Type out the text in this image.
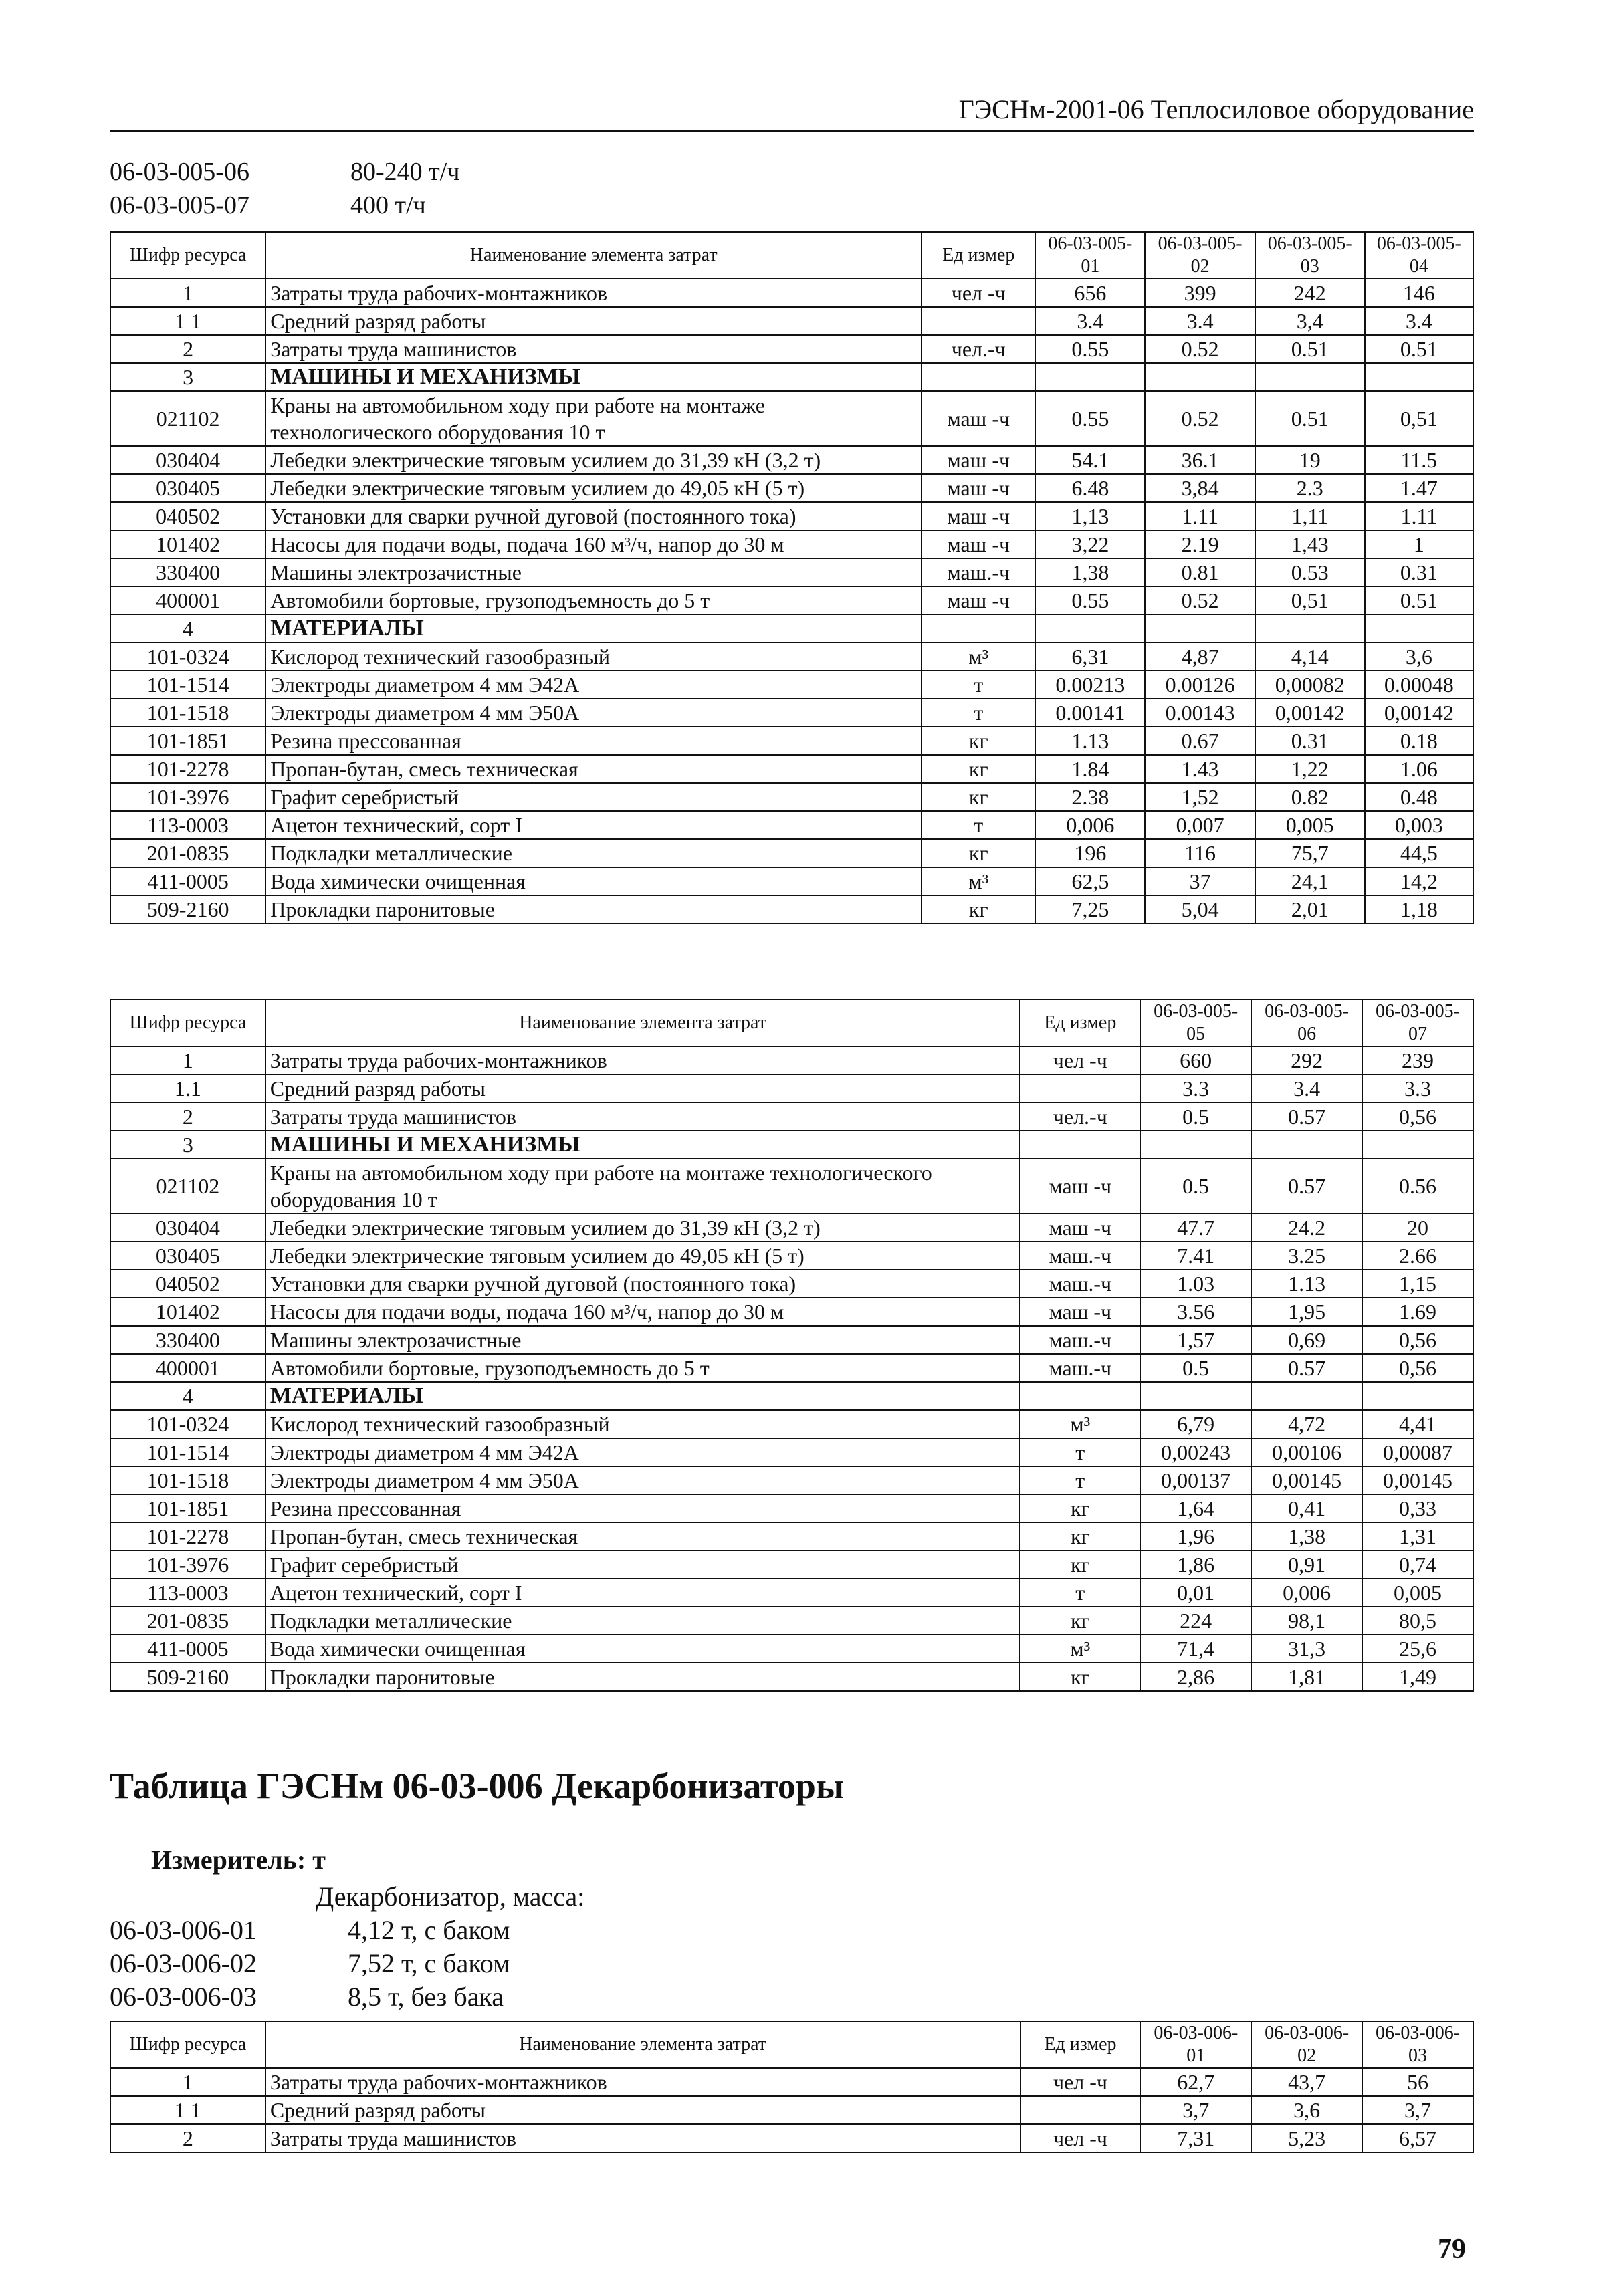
ГЭСНм-2001-06 Теплосиловое оборудование
06-03-005-06	80-240 т/ч
06-03-005-07	400 т/ч
Шифр ресурса	Наименование элемента затрат	Ед измер	06-03-005-01	06-03-005-02	06-03-005-03	06-03-005-04
1	Затраты труда рабочих-монтажников	чел -ч	656	399	242	146
1 1	Средний разряд работы		3.4	3.4	3,4	3.4
2	Затраты труда машинистов	чел.-ч	0.55	0.52	0.51	0.51
3	МАШИНЫ И МЕХАНИЗМЫ					
021102	Краны на автомобильном ходу при работе на монтаже технологического оборудования 10 т	маш -ч	0.55	0.52	0.51	0,51
030404	Лебедки электрические тяговым усилием до 31,39 кН (3,2 т)	маш -ч	54.1	36.1	19	11.5
030405	Лебедки электрические тяговым усилием до 49,05 кН (5 т)	маш -ч	6.48	3,84	2.3	1.47
040502	Установки для сварки ручной дуговой (постоянного тока)	маш -ч	1,13	1.11	1,11	1.11
101402	Насосы для подачи воды, подача 160 м³/ч, напор до 30 м	маш -ч	3,22	2.19	1,43	1
330400	Машины электрозачистные	маш.-ч	1,38	0.81	0.53	0.31
400001	Автомобили бортовые, грузоподъемность до 5 т	маш -ч	0.55	0.52	0,51	0.51
4	МАТЕРИАЛЫ					
101-0324	Кислород технический газообразный	м³	6,31	4,87	4,14	3,6
101-1514	Электроды диаметром 4 мм Э42А	т	0.00213	0.00126	0,00082	0.00048
101-1518	Электроды диаметром 4 мм Э50А	т	0.00141	0.00143	0,00142	0,00142
101-1851	Резина прессованная	кг	1.13	0.67	0.31	0.18
101-2278	Пропан-бутан, смесь техническая	кг	1.84	1.43	1,22	1.06
101-3976	Графит серебристый	кг	2.38	1,52	0.82	0.48
113-0003	Ацетон технический, сорт I	т	0,006	0,007	0,005	0,003
201-0835	Подкладки металлические	кг	196	116	75,7	44,5
411-0005	Вода химически очищенная	м³	62,5	37	24,1	14,2
509-2160	Прокладки паронитовые	кг	7,25	5,04	2,01	1,18
Шифр ресурса	Наименование элемента затрат	Ед измер	06-03-005-05	06-03-005-06	06-03-005-07
1	Затраты труда рабочих-монтажников	чел -ч	660	292	239
1.1	Средний разряд работы		3.3	3.4	3.3
2	Затраты труда машинистов	чел.-ч	0.5	0.57	0,56
3	МАШИНЫ И МЕХАНИЗМЫ				
021102	Краны на автомобильном ходу при работе на монтаже технологического оборудования 10 т	маш -ч	0.5	0.57	0.56
030404	Лебедки электрические тяговым усилием до 31,39 кН (3,2 т)	маш -ч	47.7	24.2	20
030405	Лебедки электрические тяговым усилием до 49,05 кН (5 т)	маш.-ч	7.41	3.25	2.66
040502	Установки для сварки ручной дуговой (постоянного тока)	маш.-ч	1.03	1.13	1,15
101402	Насосы для подачи воды, подача 160 м³/ч, напор до 30 м	маш -ч	3.56	1,95	1.69
330400	Машины электрозачистные	маш.-ч	1,57	0,69	0,56
400001	Автомобили бортовые, грузоподъемность до 5 т	маш.-ч	0.5	0.57	0,56
4	МАТЕРИАЛЫ				
101-0324	Кислород технический газообразный	м³	6,79	4,72	4,41
101-1514	Электроды диаметром 4 мм Э42А	т	0,00243	0,00106	0,00087
101-1518	Электроды диаметром 4 мм Э50А	т	0,00137	0,00145	0,00145
101-1851	Резина прессованная	кг	1,64	0,41	0,33
101-2278	Пропан-бутан, смесь техническая	кг	1,96	1,38	1,31
101-3976	Графит серебристый	кг	1,86	0,91	0,74
113-0003	Ацетон технический, сорт I	т	0,01	0,006	0,005
201-0835	Подкладки металлические	кг	224	98,1	80,5
411-0005	Вода химически очищенная	м³	71,4	31,3	25,6
509-2160	Прокладки паронитовые	кг	2,86	1,81	1,49
Таблица ГЭСНм 06-03-006 Декарбонизаторы
Измеритель: т
Декарбонизатор, масса:
06-03-006-01	4,12 т, с баком
06-03-006-02	7,52 т, с баком
06-03-006-03	8,5 т, без бака
Шифр ресурса	Наименование элемента затрат	Ед измер	06-03-006-01	06-03-006-02	06-03-006-03
1	Затраты труда рабочих-монтажников	чел -ч	62,7	43,7	56
1 1	Средний разряд работы		3,7	3,6	3,7
2	Затраты труда машинистов	чел -ч	7,31	5,23	6,57
79
